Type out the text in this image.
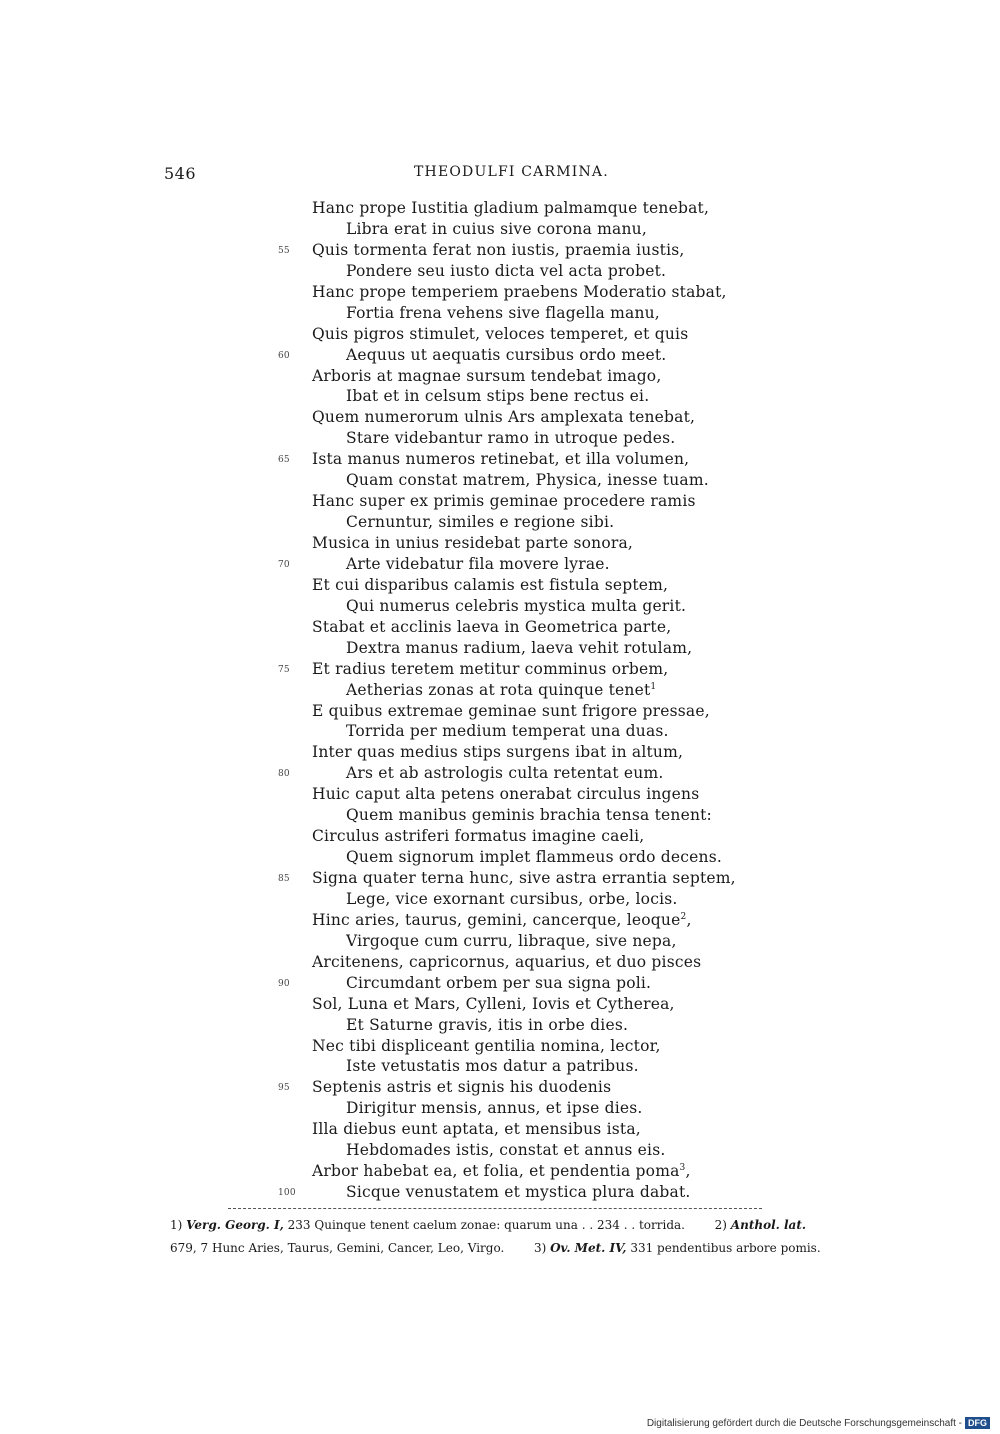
546	THEODULFI CARMINA.
Hanc prope Iustitia gladium palmamque tenebat,
Libra erat in cuius sive corona manu,
55 Quis tormenta ferat non iustis, praemia iustis,
Pondere seu iusto dicta vel acta probet.
Hanc prope temperiem praebens Moderatio stabat,
Fortia frena vehens sive flagella manu,
Quis pigros stimulet, veloces temperet, et quis
60	Aequus ut aequatis cursibus ordo meet.
Arboris at magnae sursum tendebat imago,
Ibat et in celsum stips bene rectus ei.
Quem numerorum ulnis Ars amplexata tenebat,
Stare videbantur ramo in utroque pedes.
65 Ista manus numeros retinebat, et illa volumen,
Quam constat matrem, Physica, inesse tuam.
Hanc super ex primis geminae procedere ramis
Cernuntur, similes e regione sibi.
Musica in unius residebat parte sonora,
70	Arte videbatur fila movere lyrae.
Et cui disparibus calamis est fistula septem,
Qui numerus celebris mystica multa gerit.
Stabat et acclinis laeva in Geometrica parte,
Dextra manus radium, laeva vehit rotulam,
75 Et radius teretem metitur comminus orbem,
Aetherias zonas at rota quinque tenet$^1$
E quibus extremae geminae sunt frigore pressae,
Torrida per medium temperat una duas.
Inter quas medius stips surgens ibat in altum,
80	Ars et ab astrologis culta retentat eum.
Huic caput alta petens onerabat circulus ingens
Quem manibus geminis brachia tensa tenent:
Circulus astriferi formatus imagine caeli,
Quem signorum implet flammeus ordo decens.
85 Signa quater terna hunc, sive astra errantia septem,
Lege, vice exornant cursibus, orbe, locis.
Hinc aries, taurus, gemini, cancerque, leoque$^2$,
Virgoque cum curru, libraque, sive nepa,
Arcitenens, capricornus, aquarius, et duo pisces
90	Circumdant orbem per sua signa poli.
Sol, Luna et Mars, Cylleni, Iovis et Cytherea,
Et Saturne gravis, itis in orbe dies.
Nec tibi displiceant gentilia nomina, lector,
Iste vetustatis mos datur a patribus.
95 Septenis astris et signis his duodenis
Dirigitur mensis, annus, et ipse dies.
Illa diebus eunt aptata, et mensibus ista,
Hebdomades istis, constat et annus eis.
Arbor habebat ea, et folia, et pendentia poma$^3$,
100	Sicque venustatem et mystica plura dabat.
1) Verg. Georg. I, 233 Quinque tenent caelum zonae: quarum una . . 234 . . torrida. 2) Anthol. lat.
679, 7 Hunc Aries, Taurus, Gemini, Cancer, Leo, Virgo. 3) Ov. Met. IV, 331 pendentibus arbore pomis.
Digitalisierung gefördert durch die Deutsche Forschungsgemeinschaft - DFG
